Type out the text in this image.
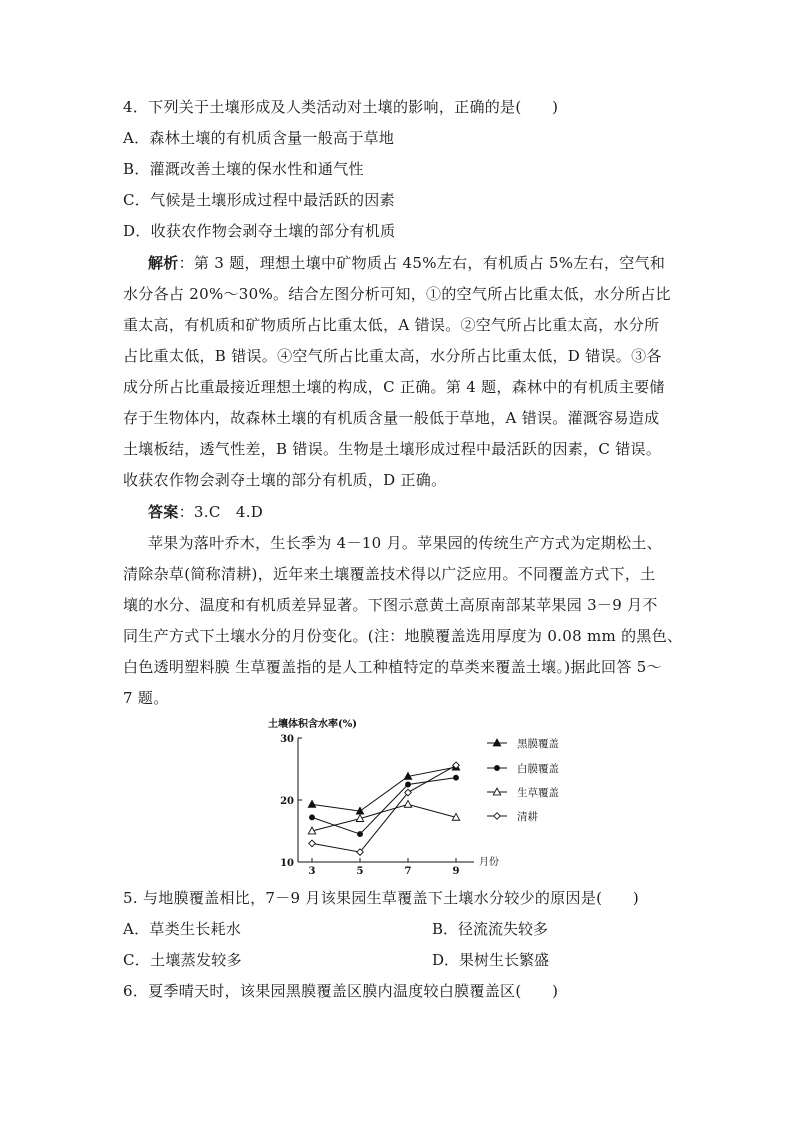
4．下列关于土壤形成及人类活动对土壤的影响，正确的是(　　)
A．森林土壤的有机质含量一般高于草地
B．灌溉改善土壤的保水性和通气性
C．气候是土壤形成过程中最活跃的因素
D．收获农作物会剥夺土壤的部分有机质
解析：第 3 题，理想土壤中矿物质占 45%左右，有机质占 5%左右，空气和
水分各占 20%～30%。结合左图分析可知，①的空气所占比重太低，水分所占比
重太高，有机质和矿物质所占比重太低，A 错误。②空气所占比重太高，水分所
占比重太低，B 错误。④空气所占比重太高，水分所占比重太低，D 错误。③各
成分所占比重最接近理想土壤的构成，C 正确。第 4 题，森林中的有机质主要储
存于生物体内，故森林土壤的有机质含量一般低于草地，A 错误。灌溉容易造成
土壤板结，透气性差，B 错误。生物是土壤形成过程中最活跃的因素，C 错误。
收获农作物会剥夺土壤的部分有机质，D 正确。
答案：3.C　4.D
苹果为落叶乔木，生长季为 4－10 月。苹果园的传统生产方式为定期松土、
清除杂草(简称清耕)，近年来土壤覆盖技术得以广泛应用。不同覆盖方式下，土
壤的水分、温度和有机质差异显著。下图示意黄土高原南部某苹果园 3－9 月不
同生产方式下土壤水分的月份变化。(注：地膜覆盖选用厚度为 0.08 mm 的黑色、
白色透明塑料膜 生草覆盖指的是人工种植特定的草类来覆盖土壤。)据此回答 5～
7 题。
土壤体积含水率(%)
月份
10
20
30
3	5	7	9
黑膜覆盖
白膜覆盖
生草覆盖
清耕
5. 与地膜覆盖相比，7－9 月该果园生草覆盖下土壤水分较少的原因是(　　)
A．草类生长耗水	B．径流流失较多
C．土壤蒸发较多	D．果树生长繁盛
6．夏季晴天时，该果园黑膜覆盖区膜内温度较白膜覆盖区(　　)
